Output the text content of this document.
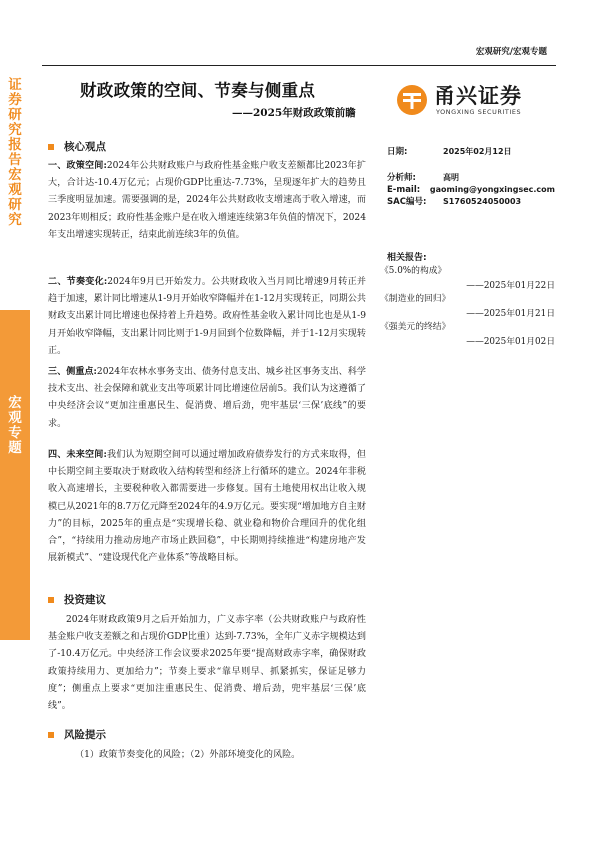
证券研究报告 宏观研究
宏观专题
宏观研究/宏观专题
财政政策的空间、节奏与侧重点
——2025年财政政策前瞻
甬兴证券
YONGXING SECURITIES
核心观点
一、政策空间:2024年公共财政账户与政府性基金账户收支差额都比2023年扩大，合计达-10.4万亿元；占现价GDP比重达-7.73%，呈现逐年扩大的趋势且三季度明显加速。需要强调的是，2024年公共财政收支增速高于收入增速，而2023年则相反；政府性基金账户是在收入增速连续第3年负值的情况下，2024年支出增速实现转正，结束此前连续3年的负值。
二、节奏变化:2024年9月已开始发力。公共财政收入当月同比增速9月转正并趋于加速，累计同比增速从1-9月开始收窄降幅并在1-12月实现转正，同期公共财政支出累计同比增速也保持着上升趋势。政府性基金收入累计同比也是从1-9月开始收窄降幅，支出累计同比则于1-9月回到个位数降幅，并于1-12月实现转正。
三、侧重点:2024年农林水事务支出、债务付息支出、城乡社区事务支出、科学技术支出、社会保障和就业支出等项累计同比增速位居前5。我们认为这遵循了中央经济会议“更加注重惠民生、促消费、增后劲，兜牢基层‘三保’底线”的要求。
四、未来空间:我们认为短期空间可以通过增加政府债券发行的方式来取得，但中长期空间主要取决于财政收入结构转型和经济上行循环的建立。2024年非税收入高速增长，主要税种收入都需要进一步修复。国有土地使用权出让收入规模已从2021年的8.7万亿元降至2024年的4.9万亿元。要实现“增加地方自主财力”的目标，2025年的重点是“实现增长稳、就业稳和物价合理回升的优化组合”，“持续用力推动房地产市场止跌回稳”，中长期则持续推进“构建房地产发展新模式”、“建设现代化产业体系”等战略目标。
投资建议
2024年财政政策9月之后开始加力，广义赤字率（公共财政账户与政府性基金账户收支差额之和占现价GDP比重）达到-7.73%，全年广义赤字规模达到了-10.4万亿元。中央经济工作会议要求2025年要“提高财政赤字率，确保财政政策持续用力、更加给力”；节奏上要求“靠早则早、抓紧抓实，保证足够力度”；侧重点上要求“更加注重惠民生、促消费、增后劲，兜牢基层‘三保’底线”。
风险提示
（1）政策节奏变化的风险；（2）外部环境变化的风险。
日期:	2025年02月12日
分析师:	高明
E-mail:	gaoming@yongxingsec.com
SAC编号:	S1760524050003
相关报告:
《5.0%的构成》
——2025年01月22日
《制造业的回归》
——2025年01月21日
《强美元的终结》
——2025年01月02日
